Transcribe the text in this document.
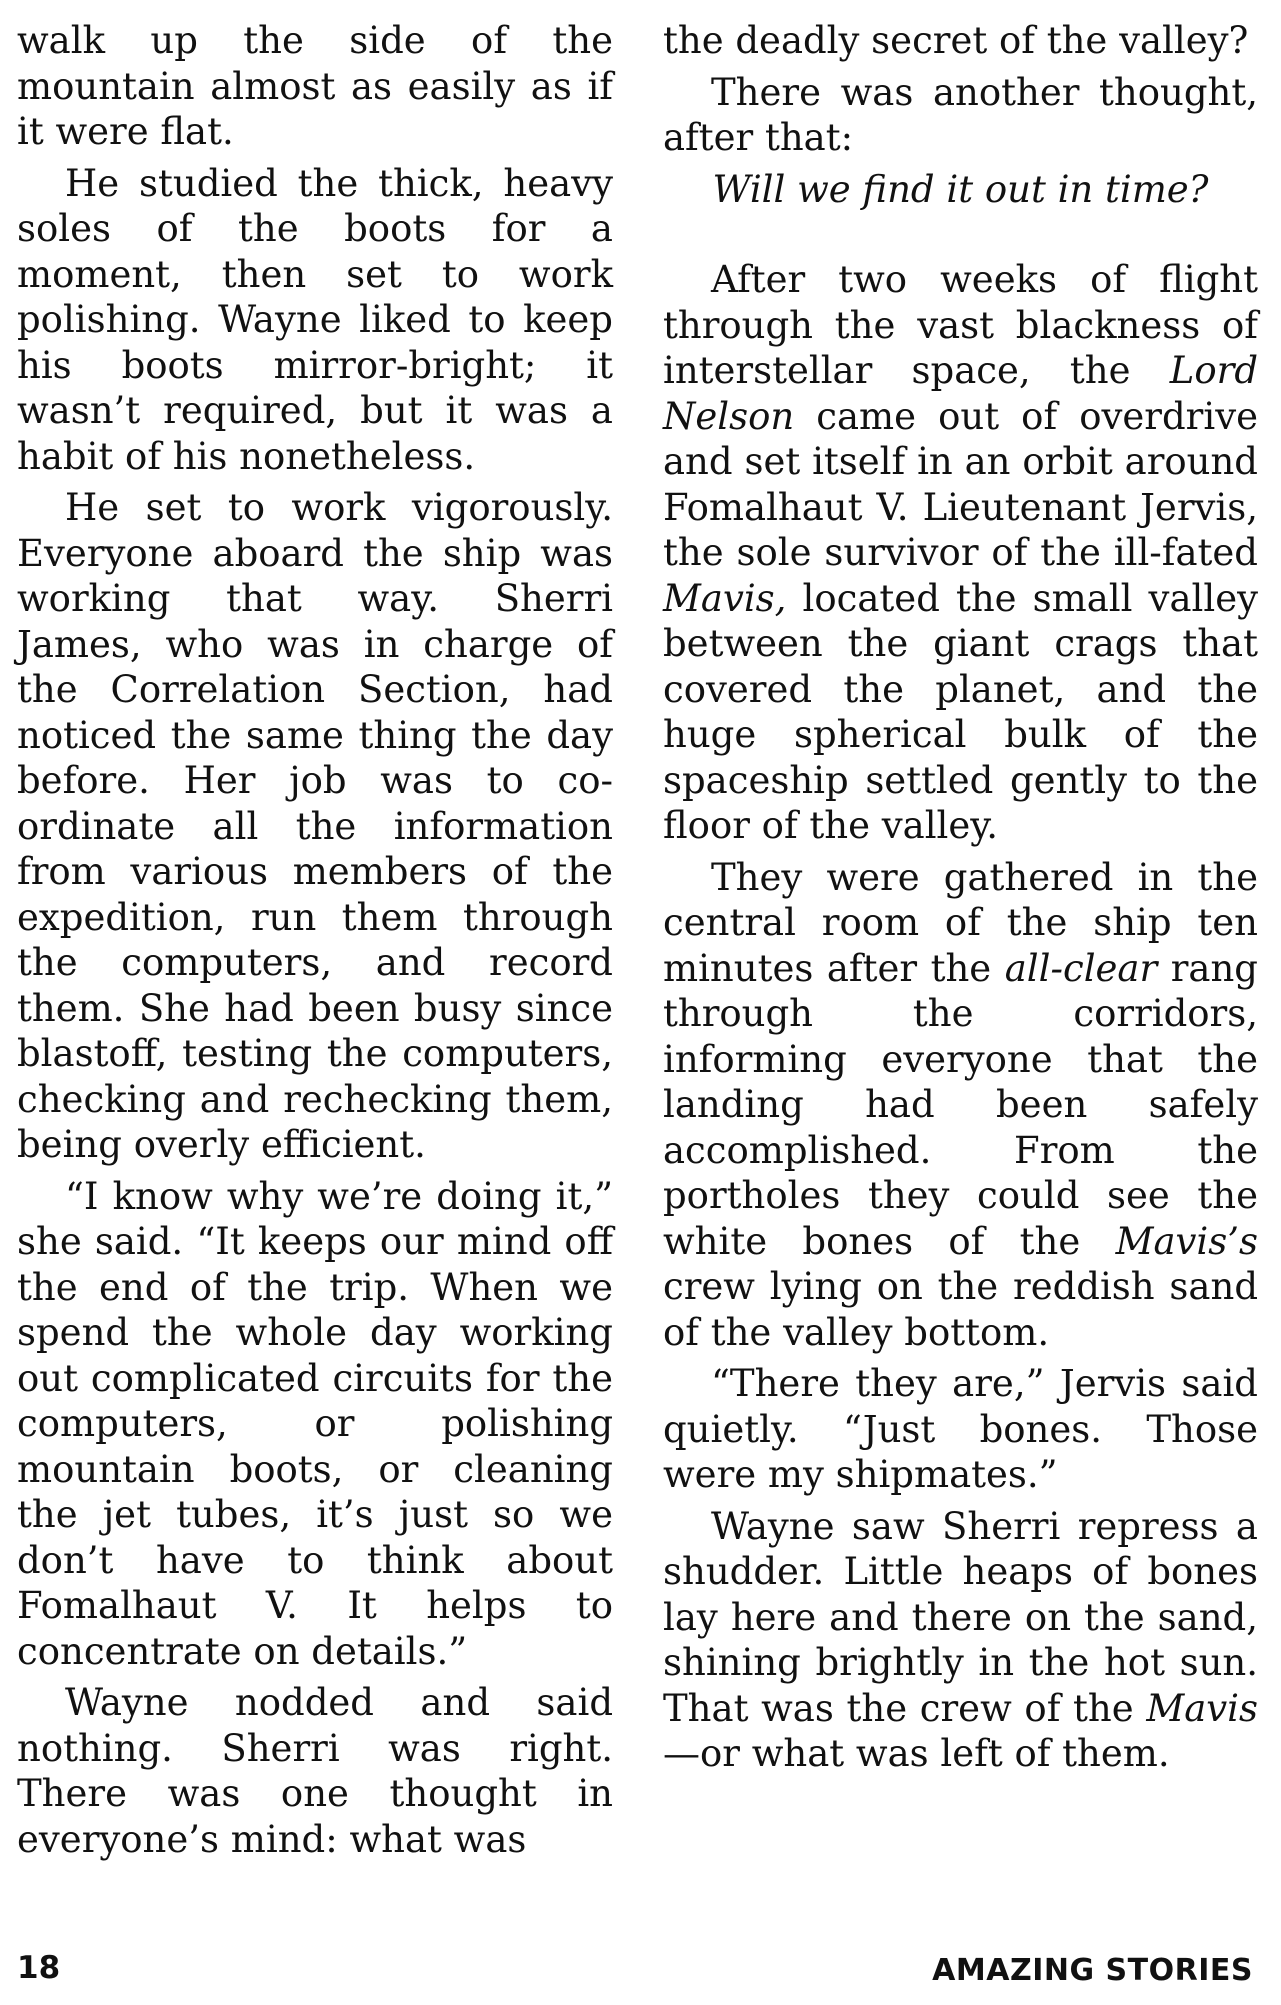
walk up the side of the mountain almost as easily as if it were flat.

He studied the thick, heavy soles of the boots for a moment, then set to work polishing. Wayne liked to keep his boots mirror-bright; it wasn’t required, but it was a habit of his nonetheless.

He set to work vigorously. Everyone aboard the ship was working that way. Sherri James, who was in charge of the Correlation Section, had noticed the same thing the day before. Her job was to co-ordinate all the information from various members of the expedition, run them through the computers, and record them. She had been busy since blastoff, testing the computers, checking and rechecking them, being overly efficient.

“I know why we’re doing it,” she said. “It keeps our mind off the end of the trip. When we spend the whole day working out complicated circuits for the computers, or polishing mountain boots, or cleaning the jet tubes, it’s just so we don’t have to think about Fomalhaut V. It helps to concentrate on details.”

Wayne nodded and said nothing. Sherri was right. There was one thought in everyone’s mind: what was

the deadly secret of the valley?

There was another thought, after that:

Will we find it out in time?

After two weeks of flight through the vast blackness of interstellar space, the Lord Nelson came out of overdrive and set itself in an orbit around Fomalhaut V. Lieutenant Jervis, the sole survivor of the ill-fated Mavis, located the small valley between the giant crags that covered the planet, and the huge spherical bulk of the spaceship settled gently to the floor of the valley.

They were gathered in the central room of the ship ten minutes after the all-clear rang through the corridors, informing everyone that the landing had been safely accomplished. From the portholes they could see the white bones of the Mavis’s crew lying on the reddish sand of the valley bottom.

“There they are,” Jervis said quietly. “Just bones. Those were my shipmates.”

Wayne saw Sherri repress a shudder. Little heaps of bones lay here and there on the sand, shining brightly in the hot sun. That was the crew of the Mavis—or what was left of them.

18	AMAZING STORIES
